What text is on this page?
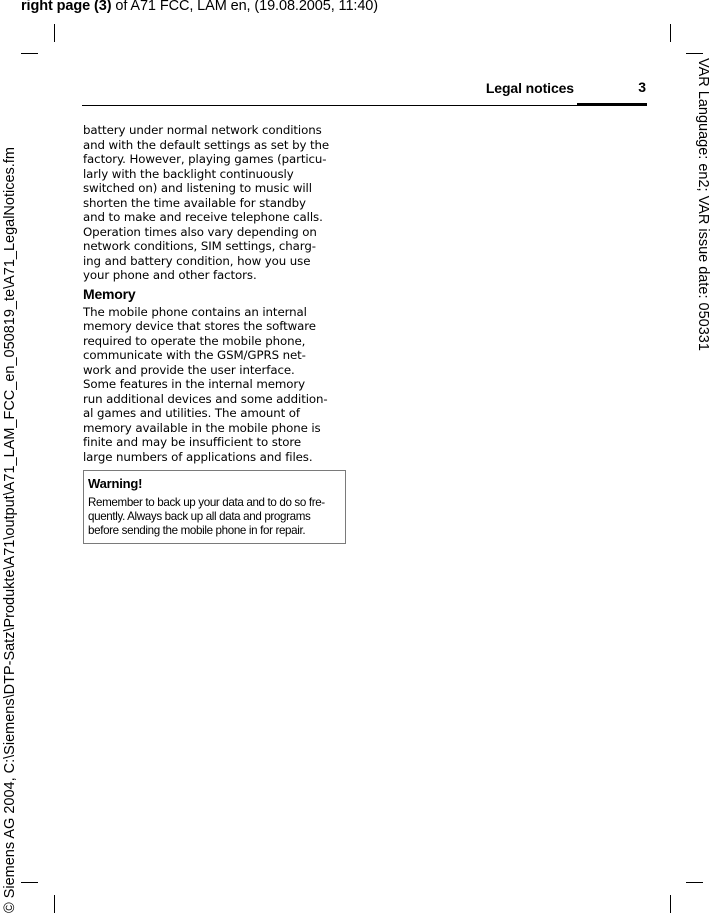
right page (3) of A71 FCC, LAM en, (19.08.2005, 11:40)
VAR Language: en2; VAR issue date: 050331
© Siemens AG 2004, C:\Siemens\DTP-Satz\Produkte\A71\output\A71_LAM_FCC_en_050819_te\A71_LegalNotices.fm
Legal notices	3

battery under normal network conditions
and with the default settings as set by the
factory. However, playing games (particu-
larly with the backlight continuously
switched on) and listening to music will
shorten the time available for standby
and to make and receive telephone calls.
Operation times also vary depending on
network conditions, SIM settings, charg-
ing and battery condition, how you use
your phone and other factors.

Memory

The mobile phone contains an internal
memory device that stores the software
required to operate the mobile phone,
communicate with the GSM/GPRS net-
work and provide the user interface.
Some features in the internal memory
run additional devices and some addition-
al games and utilities. The amount of
memory available in the mobile phone is
finite and may be insufficient to store
large numbers of applications and files.

Warning!

Remember to back up your data and to do so fre-
quently. Always back up all data and programs
before sending the mobile phone in for repair.
